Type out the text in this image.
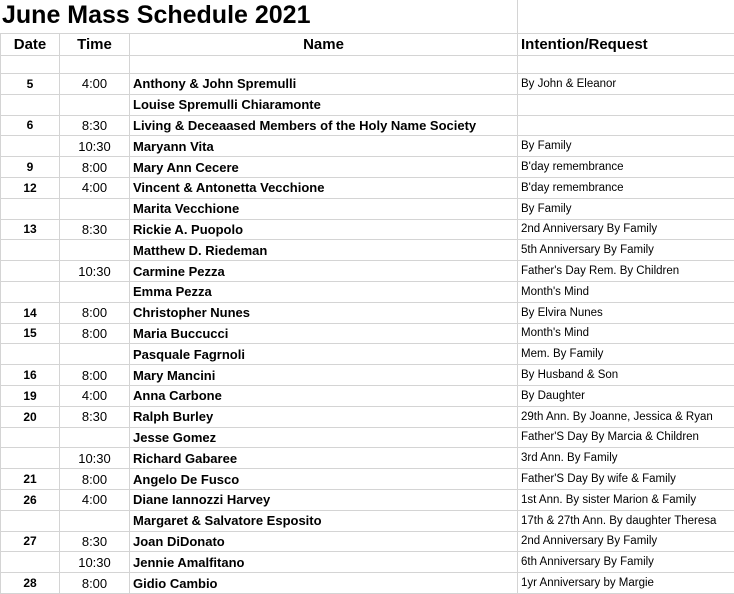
June Mass Schedule 2021
Date	Time	Name	Intention/Request

5	4:00	Anthony & John Spremulli	By John & Eleanor
		Louise Spremulli Chiaramonte	
6	8:30	Living & Deceaased Members of the Holy Name Society	
	10:30	Maryann Vita	By Family
9	8:00	Mary Ann Cecere	B'day remembrance
12	4:00	Vincent & Antonetta Vecchione	B'day remembrance
		Marita Vecchione	By Family
13	8:30	Rickie A. Puopolo	2nd Anniversary By Family
		Matthew D. Riedeman	5th Anniversary By Family
	10:30	Carmine Pezza	Father's Day Rem. By Children
		Emma Pezza	Month's Mind
14	8:00	Christopher Nunes	By Elvira Nunes
15	8:00	Maria Buccucci	Month's Mind
		Pasquale Fagrnoli	Mem. By Family
16	8:00	Mary Mancini	By Husband & Son
19	4:00	Anna Carbone	By Daughter
20	8:30	Ralph Burley	29th Ann. By Joanne, Jessica & Ryan
		Jesse Gomez	Father'S Day By Marcia & Children
	10:30	Richard Gabaree	3rd Ann. By Family
21	8:00	Angelo De Fusco	Father'S Day By wife & Family
26	4:00	Diane Iannozzi Harvey	1st Ann. By sister Marion & Family
		Margaret & Salvatore Esposito	17th & 27th Ann. By daughter Theresa
27	8:30	Joan DiDonato	2nd Anniversary By Family
	10:30	Jennie Amalfitano	6th Anniversary By Family
28	8:00	Gidio Cambio	1yr Anniversary by Margie
